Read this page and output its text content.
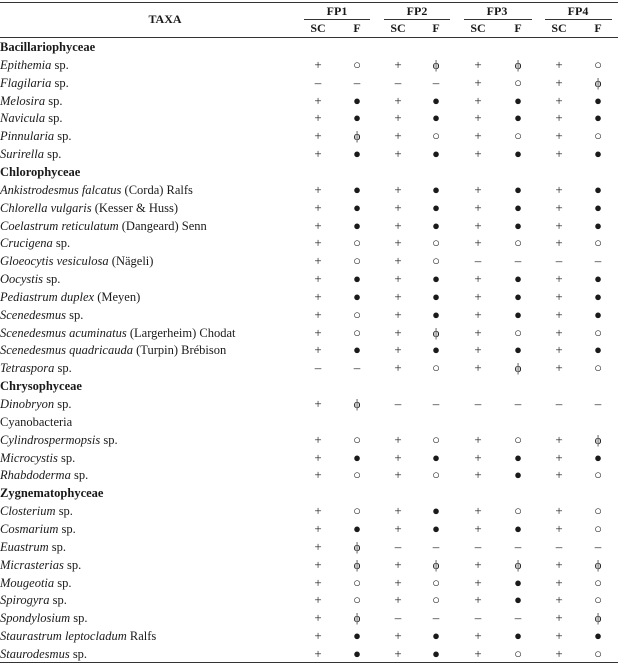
TAXA
FP1	FP2	FP3	FP4
SC	F	SC	F	SC	F	SC	F
Bacillariophyceae
Epithemia sp.	+	○	+	ϕ	+	ϕ	+	○
Flagilaria sp.	–	–	–	–	+	○	+	ϕ
Melosira sp.	+	●	+	●	+	●	+	●
Navicula sp.	+	●	+	●	+	●	+	●
Pinnularia sp.	+	ϕ	+	○	+	○	+	○
Surirella sp.	+	●	+	●	+	●	+	●
Chlorophyceae
Ankistrodesmus falcatus (Corda) Ralfs	+	●	+	●	+	●	+	●
Chlorella vulgaris (Kesser & Huss)	+	●	+	●	+	●	+	●
Coelastrum reticulatum (Dangeard) Senn	+	●	+	●	+	●	+	●
Crucigena sp.	+	○	+	○	+	○	+	○
Gloeocytis vesiculosa (Nägeli)	+	○	+	○	–	–	–	–
Oocystis sp.	+	●	+	●	+	●	+	●
Pediastrum duplex (Meyen)	+	●	+	●	+	●	+	●
Scenedesmus sp.	+	○	+	●	+	●	+	●
Scenedesmus acuminatus (Largerheim) Chodat	+	○	+	ϕ	+	○	+	○
Scenedesmus quadricauda (Turpin) Brébison	+	●	+	●	+	●	+	●
Tetraspora sp.	–	–	+	○	+	ϕ	+	○
Chrysophyceae
Dinobryon sp.	+	ϕ	–	–	–	–	–	–
Cyanobacteria
Cylindrospermopsis sp.	+	○	+	○	+	○	+	ϕ
Microcystis sp.	+	●	+	●	+	●	+	●
Rhabdoderma sp.	+	○	+	○	+	●	+	○
Zygnematophyceae
Closterium sp.	+	○	+	●	+	○	+	○
Cosmarium sp.	+	●	+	●	+	●	+	○
Euastrum sp.	+	ϕ	–	–	–	–	–	–
Micrasterias sp.	+	ϕ	+	ϕ	+	ϕ	+	ϕ
Mougeotia sp.	+	○	+	○	+	●	+	○
Spirogyra sp.	+	○	+	○	+	●	+	○
Spondylosium sp.	+	ϕ	–	–	–	–	+	ϕ
Staurastrum leptocladum Ralfs	+	●	+	●	+	●	+	●
Staurodesmus sp.	+	●	+	●	+	○	+	○
